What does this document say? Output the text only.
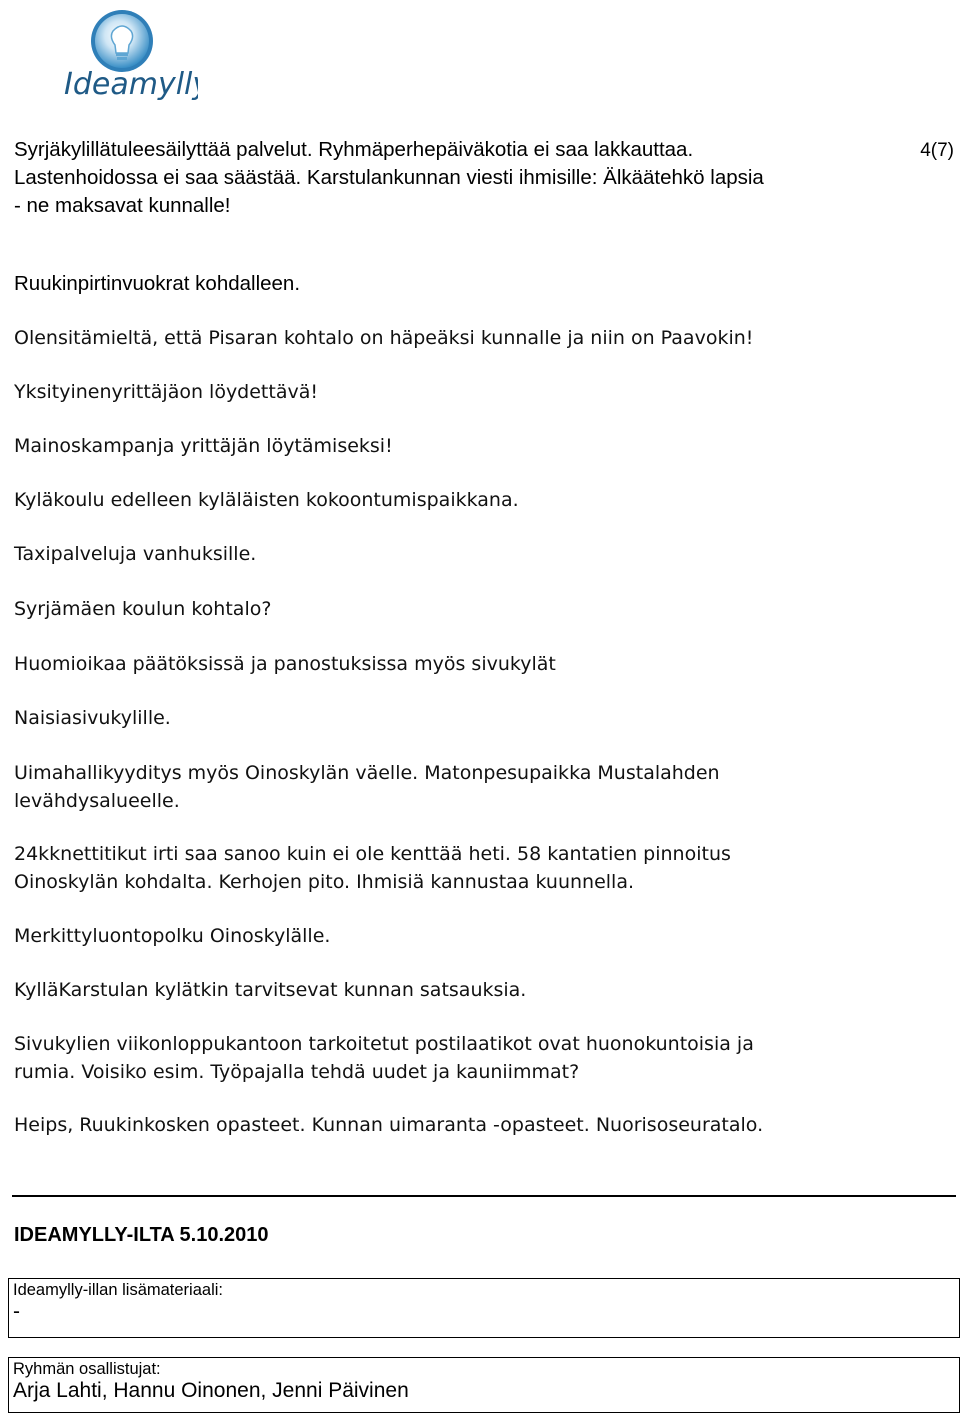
Ideamylly
4(7)
Syrjäkylillätuleesäilyttää palvelut. Ryhmäperhepäiväkotia ei saa lakkauttaa.
Lastenhoidossa ei saa säästää. Karstulankunnan viesti ihmisille: Älkäätehkö lapsia
- ne maksavat kunnalle!
Ruukinpirtinvuokrat kohdalleen.
Olensitämieltä, että Pisaran kohtalo on häpeäksi kunnalle ja niin on Paavokin!
Yksityinenyrittäjäon löydettävä!
Mainoskampanja yrittäjän löytämiseksi!
Kyläkoulu edelleen kyläläisten kokoontumispaikkana.
Taxipalveluja vanhuksille.
Syrjämäen koulun kohtalo?
Huomioikaa päätöksissä ja panostuksissa myös sivukylät
Naisiasivukylille.
Uimahallikyyditys myös Oinoskylän väelle. Matonpesupaikka Mustalahden
levähdysalueelle.
24kknettitikut irti saa sanoo kuin ei ole kenttää heti. 58 kantatien pinnoitus
Oinoskylän kohdalta. Kerhojen pito. Ihmisiä kannustaa kuunnella.
Merkittyluontopolku Oinoskylälle.
KylläKarstulan kylätkin tarvitsevat kunnan satsauksia.
Sivukylien viikonloppukantoon tarkoitetut postilaatikot ovat huonokuntoisia ja
rumia. Voisiko esim. Työpajalla tehdä uudet ja kauniimmat?
Heips, Ruukinkosken opasteet. Kunnan uimaranta -opasteet. Nuorisoseuratalo.
IDEAMYLLY-ILTA 5.10.2010
Ideamylly-illan lisämateriaali:
-
Ryhmän osallistujat:
Arja Lahti, Hannu Oinonen, Jenni Päivinen
